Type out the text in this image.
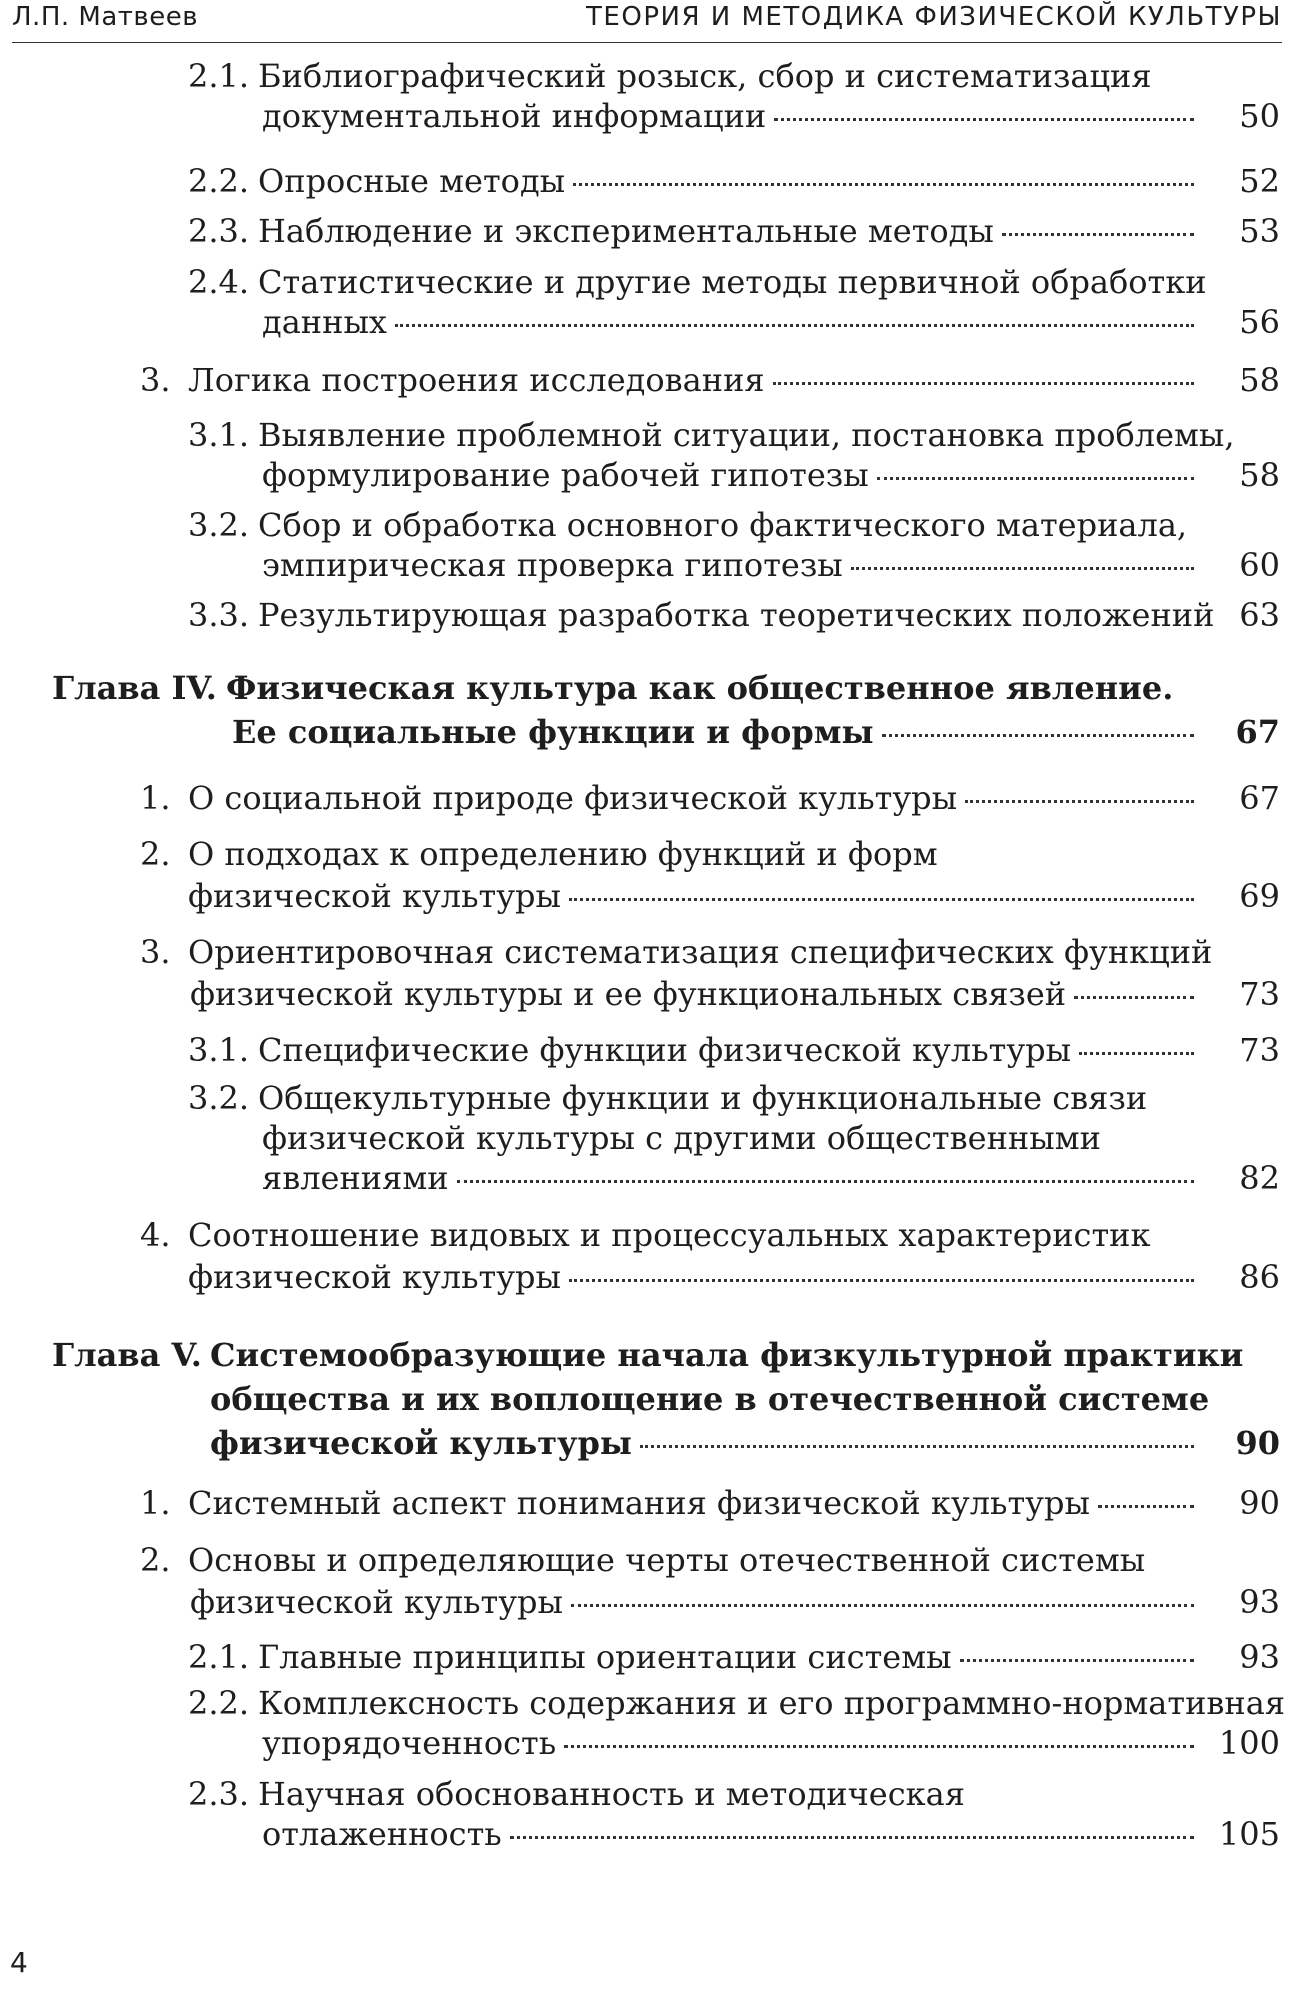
Л.П. Матвеев	ТЕОРИЯ И МЕТОДИКА ФИЗИЧЕСКОЙ КУЛЬТУРЫ
2.1. Библиографический розыск, сбор и систематизация
документальной информации	50
2.2. Опросные методы	52
2.3. Наблюдение и экспериментальные методы	53
2.4. Статистические и другие методы первичной обработки
данных	56
3. Логика построения исследования	58
3.1. Выявление проблемной ситуации, постановка проблемы,
формулирование рабочей гипотезы	58
3.2. Сбор и обработка основного фактического материала,
эмпирическая проверка гипотезы	60
3.3. Результирующая разработка теоретических положений 63
Глава IV. Физическая культура как общественное явление.
Ее социальные функции и формы	67
1. О социальной природе физической культуры	67
2. О подходах к определению функций и форм
физической культуры	69
3. Ориентировочная систематизация специфических функций
физической культуры и ее функциональных связей	73
3.1. Специфические функции физической культуры	73
3.2. Общекультурные функции и функциональные связи
физической культуры с другими общественными
явлениями	82
4. Соотношение видовых и процессуальных характеристик
физической культуры	86
Глава V. Системообразующие начала физкультурной практики
общества и их воплощение в отечественной системе
физической культуры	90
1. Системный аспект понимания физической культуры	90
2. Основы и определяющие черты отечественной системы
физической культуры	93
2.1. Главные принципы ориентации системы	93
2.2. Комплексность содержания и его программно-нормативная
упорядоченность	100
2.3. Научная обоснованность и методическая
отлаженность	105
4
